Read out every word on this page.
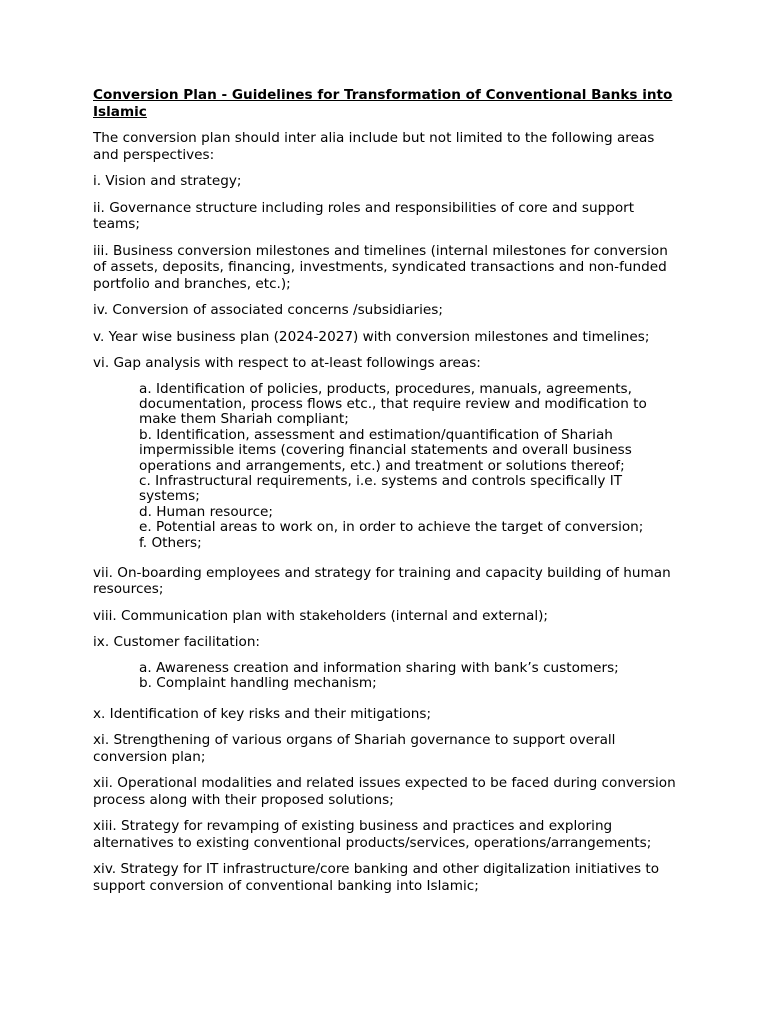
Conversion Plan - Guidelines for Transformation of Conventional Banks into Islamic

The conversion plan should inter alia include but not limited to the following areas and perspectives:

i. Vision and strategy;

ii. Governance structure including roles and responsibilities of core and support teams;

iii. Business conversion milestones and timelines (internal milestones for conversion of assets, deposits, financing, investments, syndicated transactions and non-funded portfolio and branches, etc.);

iv. Conversion of associated concerns /subsidiaries;

v. Year wise business plan (2024-2027) with conversion milestones and timelines;

vi. Gap analysis with respect to at-least followings areas:

a. Identification of policies, products, procedures, manuals, agreements, documentation, process flows etc., that require review and modification to make them Shariah compliant;

b. Identification, assessment and estimation/quantification of Shariah impermissible items (covering financial statements and overall business operations and arrangements, etc.) and treatment or solutions thereof;

c. Infrastructural requirements, i.e. systems and controls specifically IT systems;

d. Human resource;

e. Potential areas to work on, in order to achieve the target of conversion;

f. Others;

vii. On-boarding employees and strategy for training and capacity building of human resources;

viii. Communication plan with stakeholders (internal and external);

ix. Customer facilitation:

a. Awareness creation and information sharing with bank’s customers;

b. Complaint handling mechanism;

x. Identification of key risks and their mitigations;

xi. Strengthening of various organs of Shariah governance to support overall conversion plan;

xii. Operational modalities and related issues expected to be faced during conversion process along with their proposed solutions;

xiii. Strategy for revamping of existing business and practices and exploring alternatives to existing conventional products/services, operations/arrangements;

xiv. Strategy for IT infrastructure/core banking and other digitalization initiatives to support conversion of conventional banking into Islamic;
